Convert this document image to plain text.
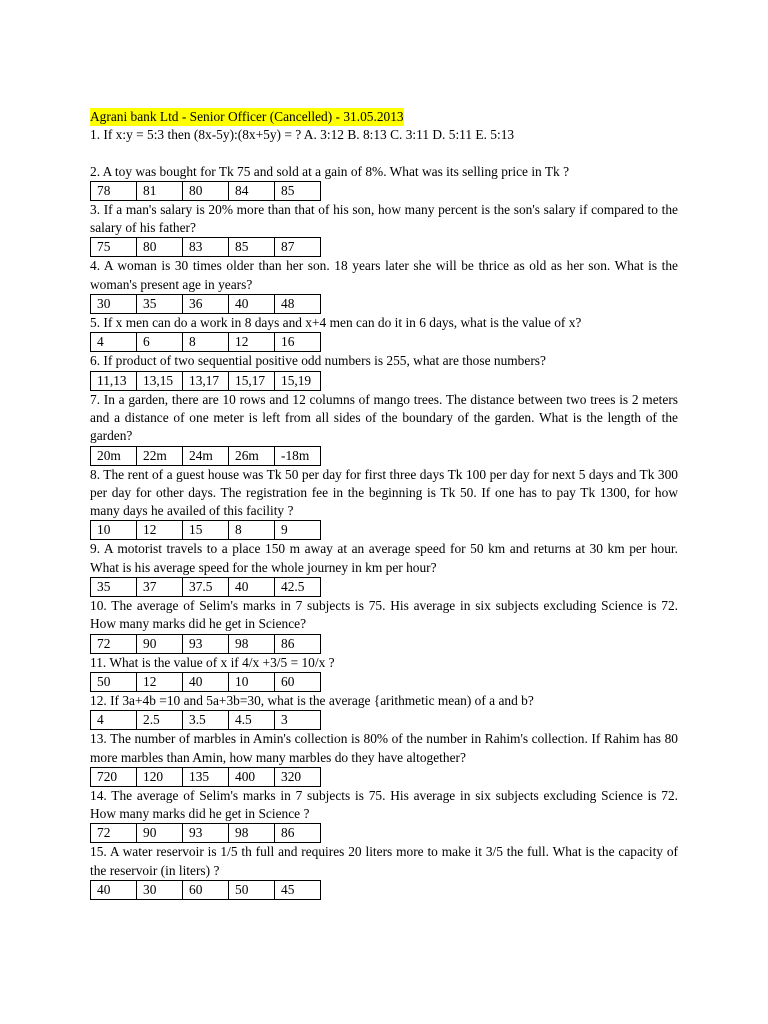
Agrani bank Ltd - Senior Officer (Cancelled) - 31.05.2013

1. If x:y = 5:3 then (8x-5y):(8x+5y) = ? A. 3:12 B. 8:13 C. 3:11 D. 5:11 E. 5:13

2. A toy was bought for Tk 75 and sold at a gain of 8%. What was its selling price in Tk ?

78	81	80	84	85

3. If a man's salary is 20% more than that of his son, how many percent is the son's salary if compared to the salary of his father?

75	80	83	85	87

4. A woman is 30 times older than her son. 18 years later she will be thrice as old as her son. What is the woman's present age in years?

30	35	36	40	48

5. If x men can do a work in 8 days and x+4 men can do it in 6 days, what is the value of x?

4	6	8	12	16

6. If product of two sequential positive odd numbers is 255, what are those numbers?

11,13	13,15	13,17	15,17	15,19

7. In a garden, there are 10 rows and 12 columns of mango trees. The distance between two trees is 2 meters and a distance of one meter is left from all sides of the boundary of the garden. What is the length of the garden?

20m	22m	24m	26m	-18m

8. The rent of a guest house was Tk 50 per day for first three days Tk 100 per day for next 5 days and Tk 300 per day for other days. The registration fee in the beginning is Tk 50. If one has to pay Tk 1300, for how many days he availed of this facility ?

10	12	15	8	9

9. A motorist travels to a place 150 m away at an average speed for 50 km and returns at 30 km per hour. What is his average speed for the whole journey in km per hour?

35	37	37.5	40	42.5

10. The average of Selim's marks in 7 subjects is 75. His average in six subjects excluding Science is 72. How many marks did he get in Science?

72	90	93	98	86

11. What is the value of x if 4/x +3/5 = 10/x ?

50	12	40	10	60

12. If 3a+4b =10 and 5a+3b=30, what is the average {arithmetic mean) of a and b?

4	2.5	3.5	4.5	3

13. The number of marbles in Amin's collection is 80% of the number in Rahim's collection. If Rahim has 80 more marbles than Amin, how many marbles do they have altogether?

720	120	135	400	320

14. The average of Selim's marks in 7 subjects is 75. His average in six subjects excluding Science is 72. How many marks did he get in Science ?

72	90	93	98	86

15. A water reservoir is 1/5 th full and requires 20 liters more to make it 3/5 the full. What is the capacity of the reservoir (in liters) ?

40	30	60	50	45
